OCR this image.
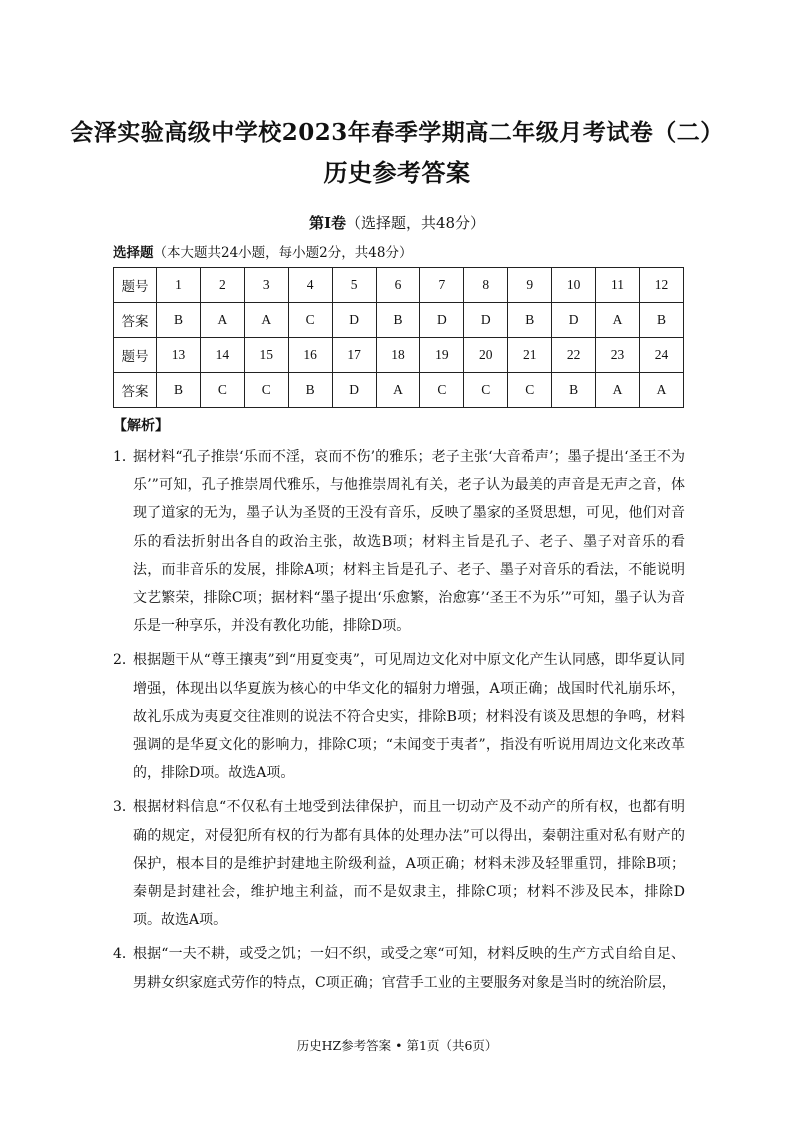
会泽实验高级中学校2023年春季学期高二年级月考试卷（二）
历史参考答案
第Ⅰ卷（选择题，共48分）
选择题（本大题共24小题，每小题2分，共48分）
题号	1	2	3	4	5	6	7	8	9	10	11	12
答案	B	A	A	C	D	B	D	D	B	D	A	B
题号	13	14	15	16	17	18	19	20	21	22	23	24
答案	B	C	C	B	D	A	C	C	C	B	A	A
【解析】
1．
据材料“孔子推崇‘乐而不淫，哀而不伤’的雅乐；老子主张‘大音希声’；墨子提出‘圣王不为乐’”可知，孔子推崇周代雅乐，与他推崇周礼有关，老子认为最美的声音是无声之音，体现了道家的无为，墨子认为圣贤的王没有音乐，反映了墨家的圣贤思想，可见，他们对音乐的看法折射出各自的政治主张，故选B项；材料主旨是孔子、老子、墨子对音乐的看法，而非音乐的发展，排除A项；材料主旨是孔子、老子、墨子对音乐的看法，不能说明文艺繁荣，排除C项；据材料“墨子提出‘乐愈繁，治愈寡’‘圣王不为乐’”可知，墨子认为音乐是一种享乐，并没有教化功能，排除D项。
2．
根据题干从“尊王攘夷”到“用夏变夷”，可见周边文化对中原文化产生认同感，即华夏认同增强，体现出以华夏族为核心的中华文化的辐射力增强，A项正确；战国时代礼崩乐坏，故礼乐成为夷夏交往准则的说法不符合史实，排除B项；材料没有谈及思想的争鸣，材料强调的是华夏文化的影响力，排除C项；“未闻变于夷者”，指没有听说用周边文化来改革的，排除D项。故选A项。
3．
根据材料信息“不仅私有土地受到法律保护，而且一切动产及不动产的所有权，也都有明确的规定，对侵犯所有权的行为都有具体的处理办法”可以得出，秦朝注重对私有财产的保护，根本目的是维护封建地主阶级利益，A项正确；材料未涉及轻罪重罚，排除B项；秦朝是封建社会，维护地主利益，而不是奴隶主，排除C项；材料不涉及民本，排除D项。故选A项。
4．
根据“一夫不耕，或受之饥；一妇不织，或受之寒“可知，材料反映的生产方式自给自足、男耕女织家庭式劳作的特点，C项正确；官营手工业的主要服务对象是当时的统治阶层，
历史HZ参考答案 • 第1页（共6页）
